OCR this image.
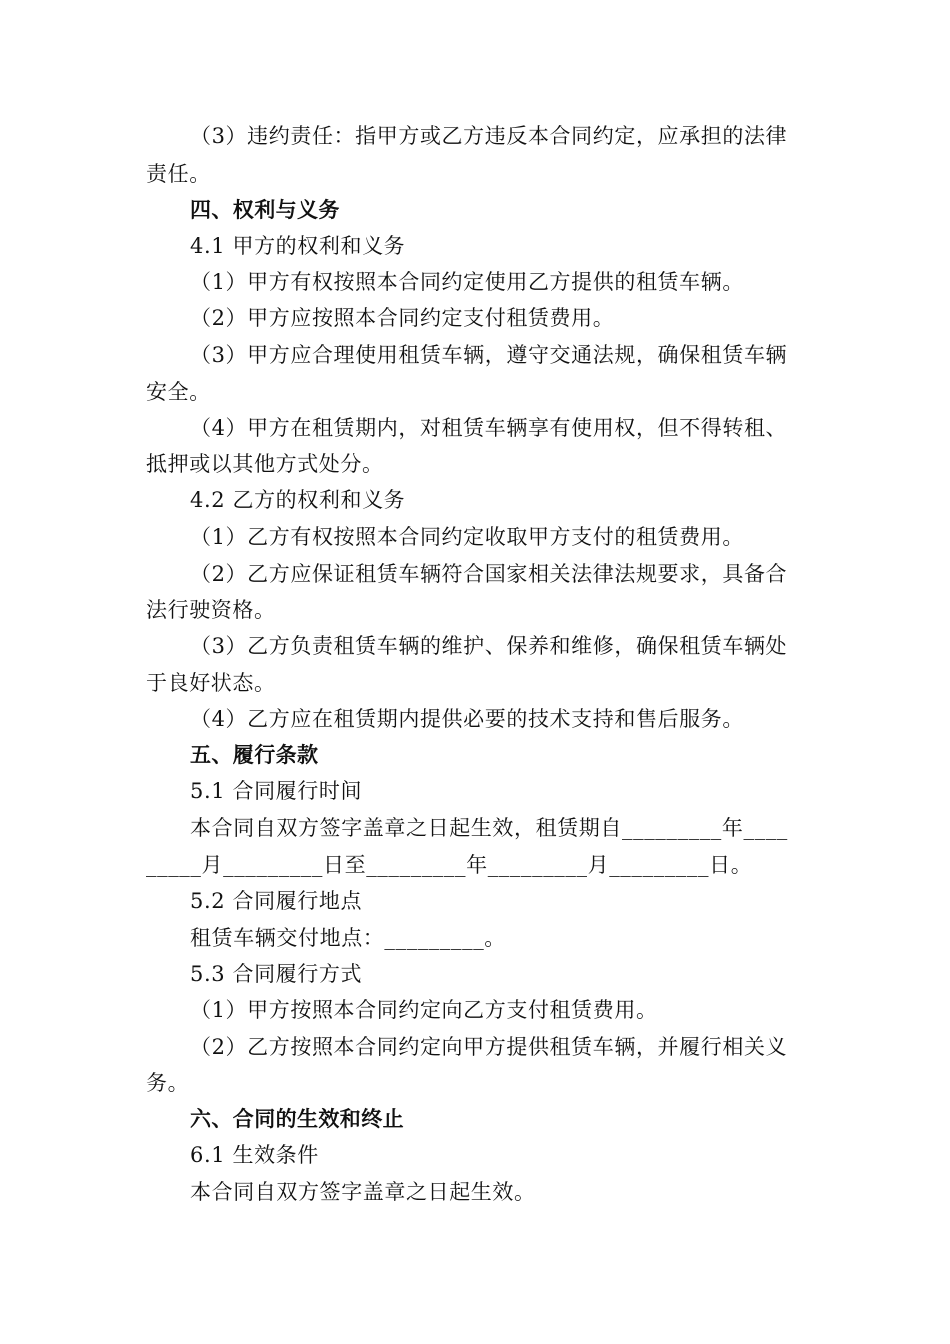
（3）违约责任：指甲方或乙方违反本合同约定，应承担的法律
责任。
四、权利与义务
4.1 甲方的权利和义务
（1）甲方有权按照本合同约定使用乙方提供的租赁车辆。
（2）甲方应按照本合同约定支付租赁费用。
（3）甲方应合理使用租赁车辆，遵守交通法规，确保租赁车辆
安全。
（4）甲方在租赁期内，对租赁车辆享有使用权，但不得转租、
抵押或以其他方式处分。
4.2 乙方的权利和义务
（1）乙方有权按照本合同约定收取甲方支付的租赁费用。
（2）乙方应保证租赁车辆符合国家相关法律法规要求，具备合
法行驶资格。
（3）乙方负责租赁车辆的维护、保养和维修，确保租赁车辆处
于良好状态。
（4）乙方应在租赁期内提供必要的技术支持和售后服务。
五、履行条款
5.1 合同履行时间
本合同自双方签字盖章之日起生效，租赁期自_________年____
_____月_________日至_________年_________月_________日。
5.2 合同履行地点
租赁车辆交付地点：_________。
5.3 合同履行方式
（1）甲方按照本合同约定向乙方支付租赁费用。
（2）乙方按照本合同约定向甲方提供租赁车辆，并履行相关义
务。
六、合同的生效和终止
6.1 生效条件
本合同自双方签字盖章之日起生效。
